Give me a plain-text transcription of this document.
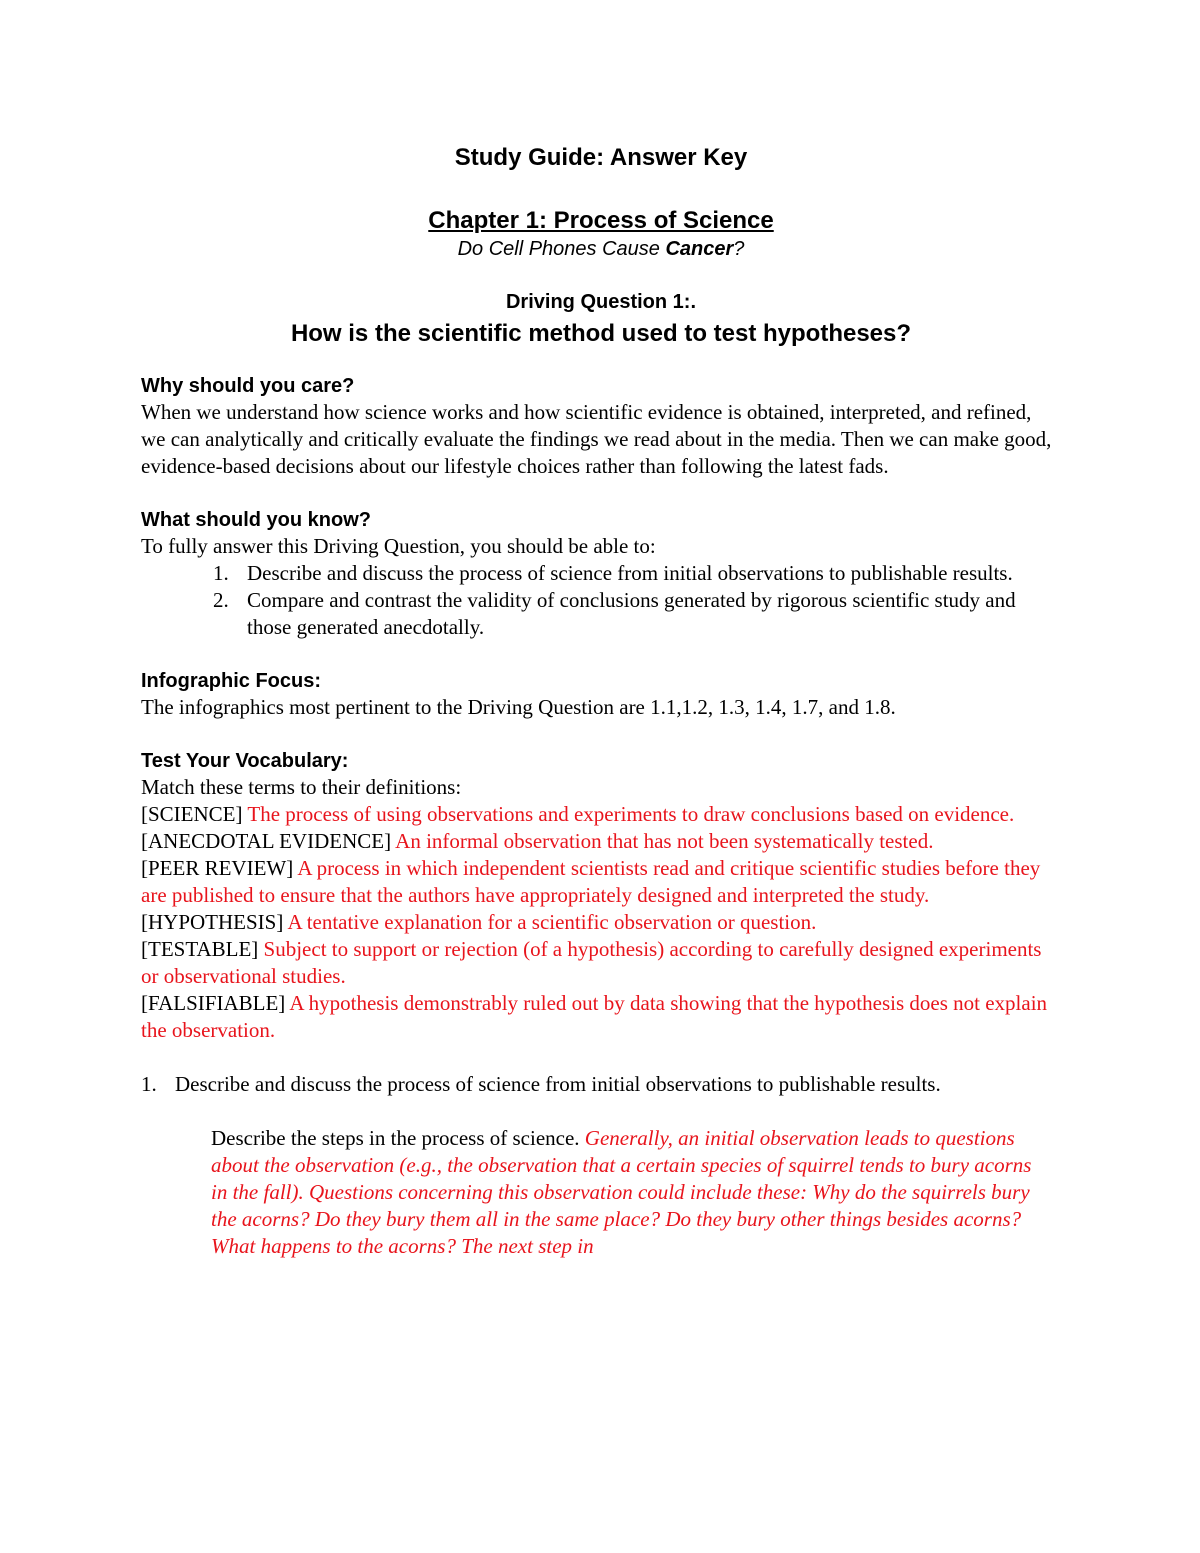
Study Guide: Answer Key
Chapter 1: Process of Science
Do Cell Phones Cause Cancer?
Driving Question 1:.
How is the scientific method used to test hypotheses?
Why should you care?

When we understand how science works and how scientific evidence is obtained, interpreted, and refined, we can analytically and critically evaluate the findings we read about in the media. Then we can make good, evidence-based decisions about our lifestyle choices rather than following the latest fads.

What should you know?

To fully answer this Driving Question, you should be able to:

1. Describe and discuss the process of science from initial observations to publishable results.
2. Compare and contrast the validity of conclusions generated by rigorous scientific study and those generated anecdotally.
Infographic Focus:

The infographics most pertinent to the Driving Question are 1.1,1.2, 1.3, 1.4, 1.7, and 1.8.

Test Your Vocabulary:

Match these terms to their definitions:

[SCIENCE] The process of using observations and experiments to draw conclusions based on evidence.

[ANECDOTAL EVIDENCE] An informal observation that has not been systematically tested.

[PEER REVIEW] A process in which independent scientists read and critique scientific studies before they are published to ensure that the authors have appropriately designed and interpreted the study.

[HYPOTHESIS] A tentative explanation for a scientific observation or question.

[TESTABLE] Subject to support or rejection (of a hypothesis) according to carefully designed experiments or observational studies.

[FALSIFIABLE] A hypothesis demonstrably ruled out by data showing that the hypothesis does not explain the observation.

1. Describe and discuss the process of science from initial observations to publishable results.

Describe the steps in the process of science. Generally, an initial observation leads to questions about the observation (e.g., the observation that a certain species of squirrel tends to bury acorns in the fall). Questions concerning this observation could include these: Why do the squirrels bury the acorns? Do they bury them all in the same place? Do they bury other things besides acorns? What happens to the acorns? The next step in
